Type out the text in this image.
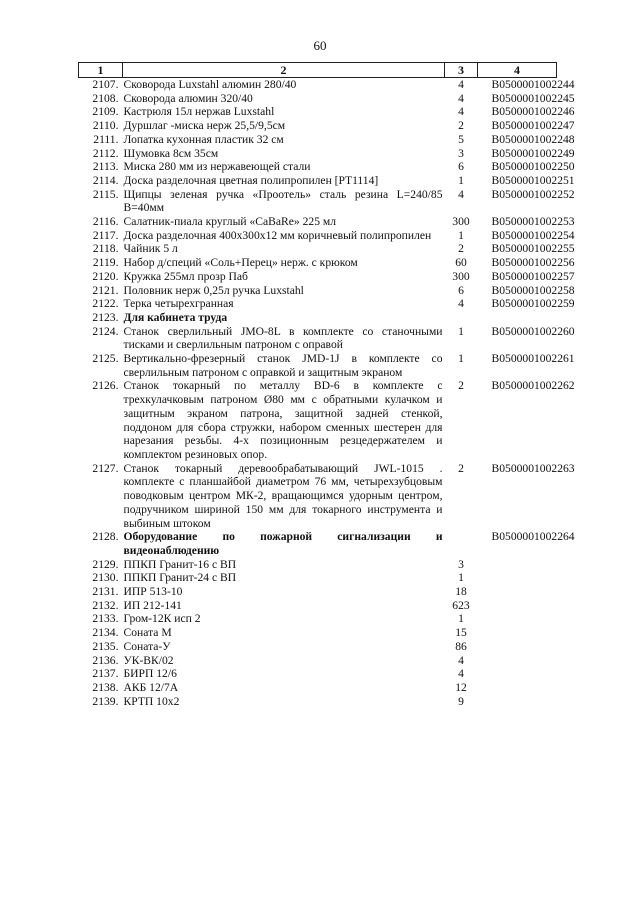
60
1	2	3	4
2107.	Сковорода Luxstahl алюмин 280/40	4	B0500001002244
2108.	Сковорода алюмин 320/40	4	B0500001002245
2109.	Кастрюля 15л нержав Luxstahl	4	B0500001002246
2110.	Дуршлаг -миска нерж 25,5/9,5см	2	B0500001002247
2111.	Лопатка кухонная пластик 32 см	5	B0500001002248
2112.	Шумовка 8см 35см	3	B0500001002249
2113.	Миска 280 мм из нержавеющей стали	6	B0500001002250
2114.	Доска разделочная цветная полипропилен [PT1114]	1	B0500001002251
2115.	Щипцы зеленая ручка «Проотель» сталь резина L=240/85 B=40мм	4	B0500001002252
2116.	Салатник-пиала круглый «CaBaRe» 225 мл	300	B0500001002253
2117.	Доска разделочная 400х300х12 мм коричневый полипропилен	1	B0500001002254
2118.	Чайник 5 л	2	B0500001002255
2119.	Набор д/специй «Соль+Перец» нерж. с крюком	60	B0500001002256
2120.	Кружка 255мл прозр Паб	300	B0500001002257
2121.	Половник нерж 0,25л ручка Luxstahl	6	B0500001002258
2122.	Терка четырехгранная	4	B0500001002259
2123.	Для кабинета труда		
2124.	Станок сверлильный JMO-8L в комплекте со станочными тисками и сверлильным патроном с оправой	1	B0500001002260
2125.	Вертикально-фрезерный станок JMD-1J в комплекте со сверлильным патроном с оправкой и защитным экраном	1	B0500001002261
2126.	Станок токарный по металлу BD-6 в комплекте с трехкулачковым патроном Ø80 мм с обратными кулачком и защитным экраном патрона, защитной задней стенкой, поддоном для сбора стружки, набором сменных шестерен для нарезания резьбы. 4-х позиционным резцедержателем и комплектом резиновых опор.	2	B0500001002262
2127.	Станок токарный деревообрабатывающий JWL-1015 . комплекте с планшайбой диаметром 76 мм, четырехзубцовым поводковым центром МК-2, вращающимся удорным центром, подручником шириной 150 мм для токарного инструмента и выбиным штоком	2	B0500001002263
2128.	Оборудование по пожарной сигнализации и видеонаблюдению		B0500001002264
2129.	ППКП Гранит-16 с ВП	3	
2130.	ППКП Гранит-24 с ВП	1	
2131.	ИПР 513-10	18	
2132.	ИП 212-141	623	
2133.	Гром-12К исп 2	1	
2134.	Соната М	15	
2135.	Соната-У	86	
2136.	УК-ВК/02	4	
2137.	БИРП 12/6	4	
2138.	АКБ 12/7А	12	
2139.	КРТП 10х2	9	
